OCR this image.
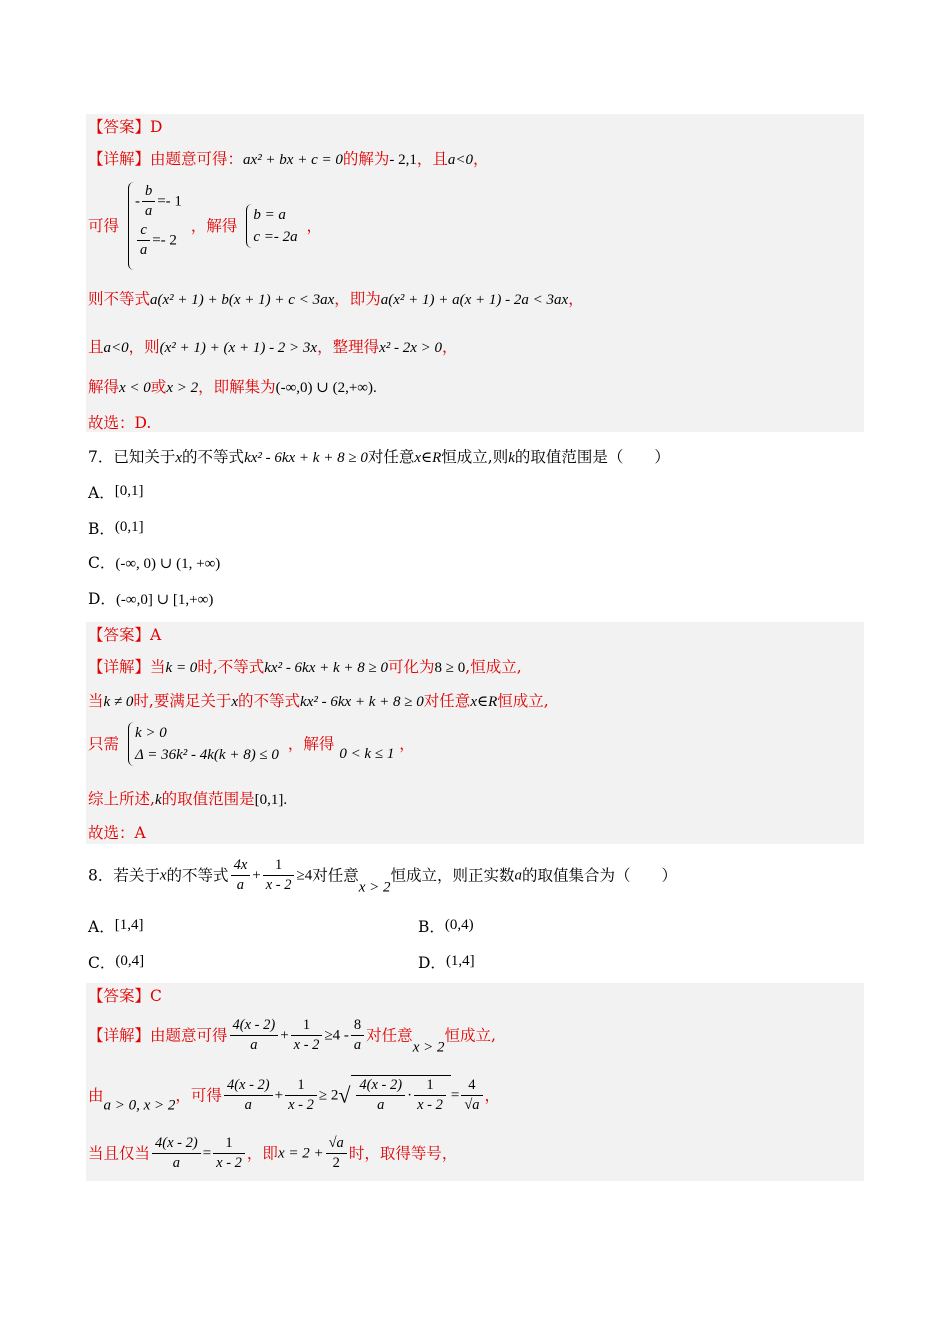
【答案】D
【详解】由题意可得：ax² + bx + c = 0的解为- 2,1，且a<0，
可得
- $\frac{b}{a} =- 1$
$\frac{c}{a} =- 2$
，解得
b = a
c =- 2a
，
则不等式a(x² + 1) + b(x + 1) + c < 3ax，即为a(x² + 1) + a(x + 1) - 2a < 3ax，
且a<0，则(x² + 1) + (x + 1) - 2 > 3x，整理得x² - 2x > 0，
解得x < 0或x > 2，即解集为(-∞,0) ∪ (2,+∞).
故选：D.
7．已知关于x的不等式kx² - 6kx + k + 8 ≥ 0对任意x∈R恒成立,则k的取值范围是（　　）
A．[0,1]
B．(0,1]
C．(-∞, 0) ∪ (1, +∞)
D．(-∞,0] ∪ [1,+∞)
【答案】A
【详解】当k = 0时,不等式kx² - 6kx + k + 8 ≥ 0可化为8 ≥ 0,恒成立,
当k ≠ 0时,要满足关于x的不等式kx² - 6kx + k + 8 ≥ 0对任意x∈R恒成立,
只需
k > 0
Δ = 36k² - 4k(k + 8) ≤ 0
，解得 0 < k ≤ 1 ，
综上所述,k的取值范围是[0,1].
故选：A
8．若关于x的不等式 $\frac{4x}{a} + \frac{1}{x - 2} \ge 4$对任意x > 2恒成立，则正实数a的取值集合为（　　）
A．[1,4]	B．(0,4)
C．(0,4]	D．(1,4]
【答案】C
【详解】由题意可得 $\frac{4(x - 2)}{a} + \frac{1}{x - 2} \ge 4 - \frac{8}{a}$ 对任意x > 2恒成立,
由a > 0, x > 2，可得 $\frac{4(x - 2)}{a} + \frac{1}{x - 2} \ge 2√ \frac{4(x - 2)}{a} \cdot \frac{1}{x - 2} = \frac{4}{√a}$ ，
当且仅当 $\frac{4(x - 2)}{a} = \frac{1}{x - 2}$ ，即$x = 2 + \frac{√a}{2}$ 时，取得等号，
